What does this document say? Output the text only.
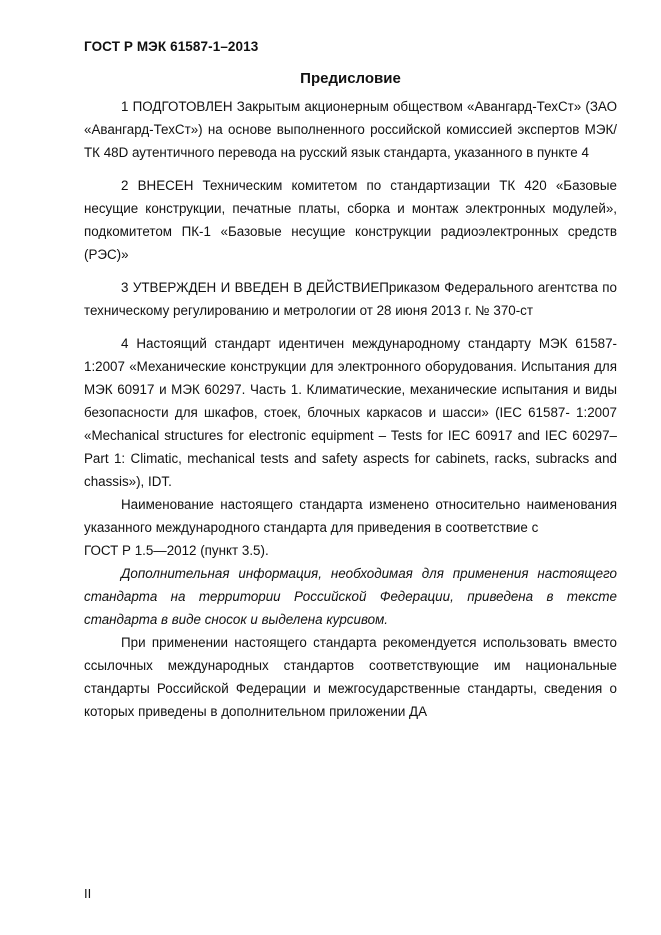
ГОСТ Р МЭК 61587-1–2013
Предисловие

1 ПОДГОТОВЛЕН Закрытым акционерным обществом «Авангард-ТехСт» (ЗАО «Авангард-ТехСт») на основе выполненного российской комиссией экспертов МЭК/ТК 48D аутентичного перевода на русский язык стандарта, указанного в пункте 4

2 ВНЕСЕН Техническим комитетом по стандартизации ТК 420 «Базовые несущие конструкции, печатные платы, сборка и монтаж электронных модулей», подкомитетом ПК-1 «Базовые несущие конструкции радиоэлектронных средств (РЭС)»

3 УТВЕРЖДЕН И ВВЕДЕН В ДЕЙСТВИЕПриказом Федерального агентства по техническому регулированию и метрологии от 28 июня 2013 г. № 370-ст

4 Настоящий стандарт идентичен международному стандарту МЭК 61587-1:2007 «Механические конструкции для электронного оборудования. Испытания для МЭК 60917 и МЭК 60297. Часть 1. Климатические, механические испытания и виды безопасности для шкафов, стоек, блочных каркасов и шасси» (IEC 61587- 1:2007 «Mechanical structures for electronic equipment – Tests for IEC 60917 and IEC 60297– Part 1: Climatic, mechanical tests and safety aspects for cabinets, racks, subracks and chassis»), IDT.

Наименование настоящего стандарта изменено относительно наименования указанного международного стандарта для приведения в соответствие с
ГОСТ Р 1.5—2012 (пункт 3.5).

Дополнительная информация, необходимая для применения настоящего стандарта на территории Российской Федерации, приведена в тексте стандарта в виде сносок и выделена курсивом.

При применении настоящего стандарта рекомендуется использовать вместо ссылочных международных стандартов соответствующие им национальные стандарты Российской Федерации и межгосударственные стандарты, сведения о которых приведены в дополнительном приложении ДА

II
